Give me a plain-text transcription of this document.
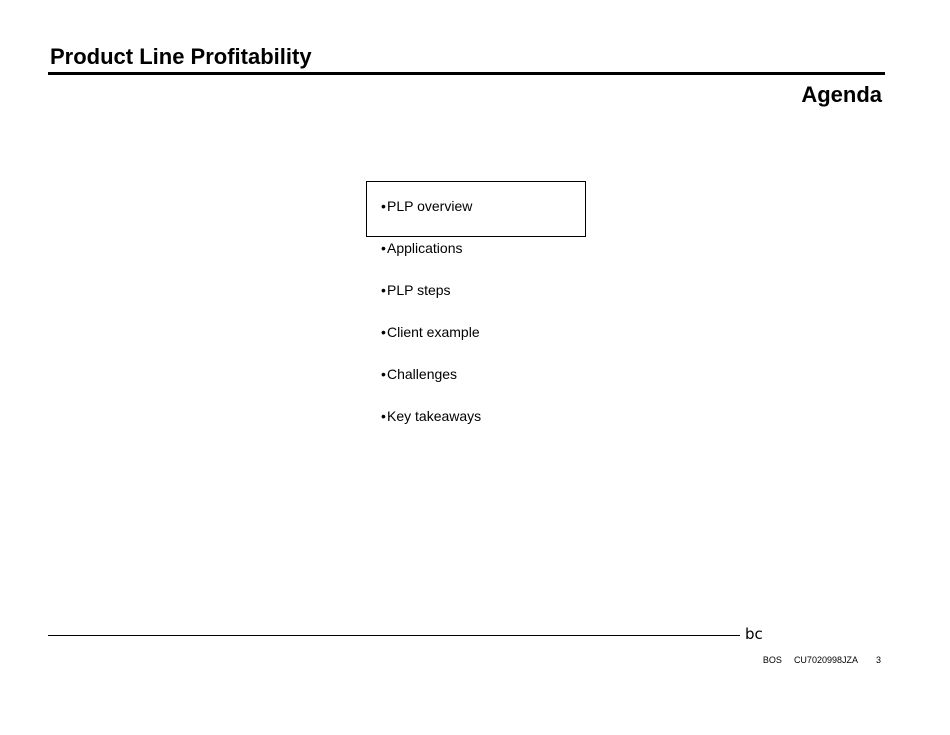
Product Line Profitability
Agenda
•PLP overview
•Applications
•PLP steps
•Client example
•Challenges
•Key takeaways
bc
BOS CU7020998JZA 3
